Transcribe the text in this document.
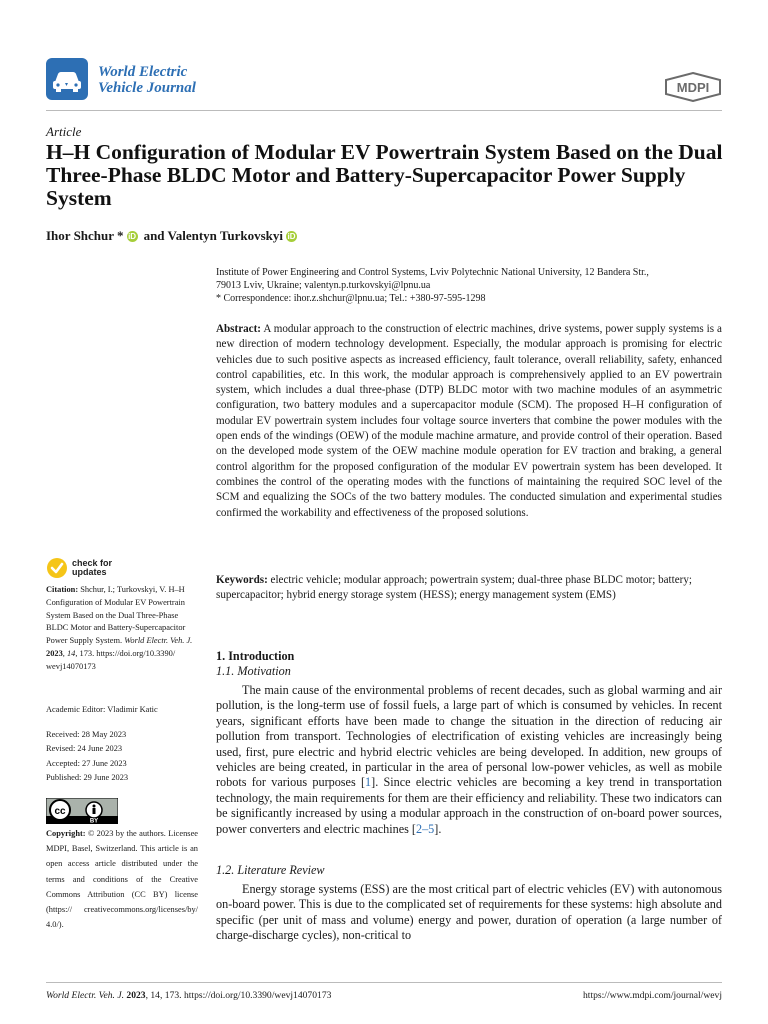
World Electric
Vehicle Journal	MDPI
Article
H–H Configuration of Modular EV Powertrain System Based on the Dual Three-Phase BLDC Motor and Battery-Supercapacitor Power Supply System
Ihor Shchur * iD and Valentyn Turkovskyi iD
Institute of Power Engineering and Control Systems, Lviv Polytechnic National University, 12 Bandera Str.,
79013 Lviv, Ukraine; valentyn.p.turkovskyi@lpnu.ua
* Correspondence: ihor.z.shchur@lpnu.ua; Tel.: +380-97-595-1298
Abstract: A modular approach to the construction of electric machines, drive systems, power supply systems is a new direction of modern technology development. Especially, the modular approach is promising for electric vehicles due to such positive aspects as increased efficiency, fault tolerance, overall reliability, safety, enhanced control capabilities, etc. In this work, the modular approach is comprehensively applied to an EV powertrain system, which includes a dual three-phase (DTP) BLDC motor with two machine modules of an asymmetric configuration, two battery modules and a supercapacitor module (SCM). The proposed H–H configuration of modular EV powertrain system includes four voltage source inverters that combine the power modules with the open ends of the windings (OEW) of the module machine armature, and provide control of their operation. Based on the developed mode system of the OEW machine module operation for EV traction and braking, a general control algorithm for the proposed configuration of the modular EV powertrain system has been developed. It combines the control of the operating modes with the functions of maintaining the required SOC level of the SCM and equalizing the SOCs of the two battery modules. The conducted simulation and experimental studies confirmed the workability and effectiveness of the proposed solutions.
Keywords: electric vehicle; modular approach; powertrain system; dual-three phase BLDC motor; battery; supercapacitor; hybrid energy storage system (HESS); energy management system (EMS)
check for
updates
Citation: Shchur, I.; Turkovskyi, V. H–H Configuration of Modular EV Powertrain System Based on the Dual Three-Phase BLDC Motor and Battery-Supercapacitor Power Supply System. World Electr. Veh. J. 2023, 14, 173. https://doi.org/10.3390/ wevj14070173
Academic Editor: Vladimir Katic
Received: 28 May 2023
Revised: 24 June 2023
Accepted: 27 June 2023
Published: 29 June 2023
cc
BY
Copyright: © 2023 by the authors. Licensee MDPI, Basel, Switzerland. This article is an open access article distributed under the terms and conditions of the Creative Commons Attribution (CC BY) license (https:// creativecommons.org/licenses/by/ 4.0/).
1. Introduction
1.1. Motivation
The main cause of the environmental problems of recent decades, such as global warming and air pollution, is the long-term use of fossil fuels, a large part of which is consumed by vehicles. In recent years, significant efforts have been made to change the situation in the direction of reducing air pollution from transport. Technologies of electrification of existing vehicles are increasingly being used, first, pure electric and hybrid electric vehicles are being developed. In addition, new groups of vehicles are being created, in particular in the area of personal low-power vehicles, as well as mobile robots for various purposes [1]. Since electric vehicles are becoming a key trend in transportation technology, the main requirements for them are their efficiency and reliability. These two indicators can be significantly increased by using a modular approach in the construction of on-board power sources, power converters and electric machines [2–5].
1.2. Literature Review
Energy storage systems (ESS) are the most critical part of electric vehicles (EV) with autonomous on-board power. This is due to the complicated set of requirements for these systems: high absolute and specific (per unit of mass and volume) energy and power, duration of operation (a large number of charge-discharge cycles), non-critical to
World Electr. Veh. J. 2023, 14, 173. https://doi.org/10.3390/wevj14070173	https://www.mdpi.com/journal/wevj
